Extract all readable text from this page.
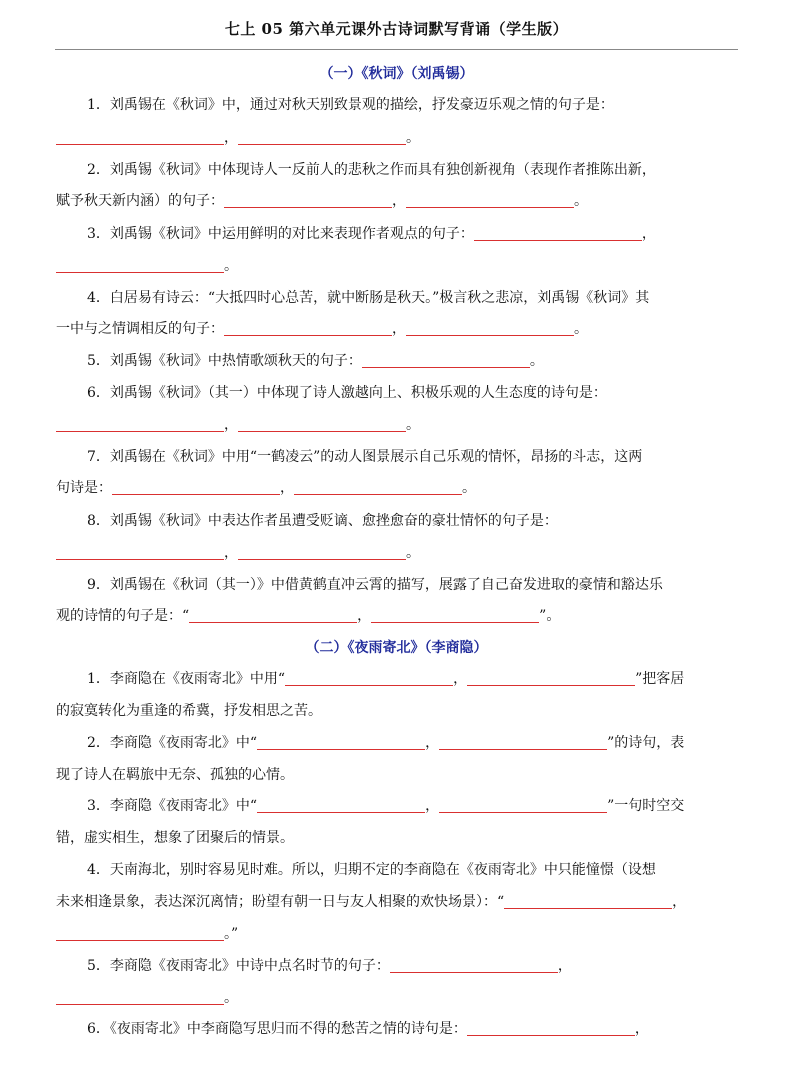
七上 05 第六单元课外古诗词默写背诵（学生版）
（一）《秋词》（刘禹锡）
1．刘禹锡在《秋词》中，通过对秋天别致景观的描绘，抒发豪迈乐观之情的句子是：
，	。
2．刘禹锡《秋词》中体现诗人一反前人的悲秋之作而具有独创新视角（表现作者推陈出新，
赋予秋天新内涵）的句子：	，	。
3．刘禹锡《秋词》中运用鲜明的对比来表现作者观点的句子：	，
。
4．白居易有诗云：“大抵四时心总苦，就中断肠是秋天。”极言秋之悲凉，刘禹锡《秋词》其
一中与之情调相反的句子：	，	。
5．刘禹锡《秋词》中热情歌颂秋天的句子：	。
6．刘禹锡《秋词》（其一）中体现了诗人激越向上、积极乐观的人生态度的诗句是：
，	。
7．刘禹锡在《秋词》中用“一鹤凌云”的动人图景展示自己乐观的情怀，昂扬的斗志，这两
句诗是：	，	。
8．刘禹锡《秋词》中表达作者虽遭受贬谪、愈挫愈奋的豪壮情怀的句子是：
，	。
9．刘禹锡在《秋词（其一）》中借黄鹤直冲云霄的描写，展露了自己奋发进取的豪情和豁达乐
观的诗情的句子是：“	，	”。
（二）《夜雨寄北》（李商隐）
1．李商隐在《夜雨寄北》中用“	，	”把客居
的寂寞转化为重逢的希冀，抒发相思之苦。
2．李商隐《夜雨寄北》中“	，	”的诗句，表
现了诗人在羁旅中无奈、孤独的心情。
3．李商隐《夜雨寄北》中“	，	”一句时空交
错，虚实相生，想象了团聚后的情景。
4．天南海北，别时容易见时难。所以，归期不定的李商隐在《夜雨寄北》中只能憧憬（设想
未来相逢景象，表达深沉离情；盼望有朝一日与友人相聚的欢快场景）：“	，
。”
5．李商隐《夜雨寄北》中诗中点名时节的句子：	，
。
6．《夜雨寄北》中李商隐写思归而不得的愁苦之情的诗句是：	，
